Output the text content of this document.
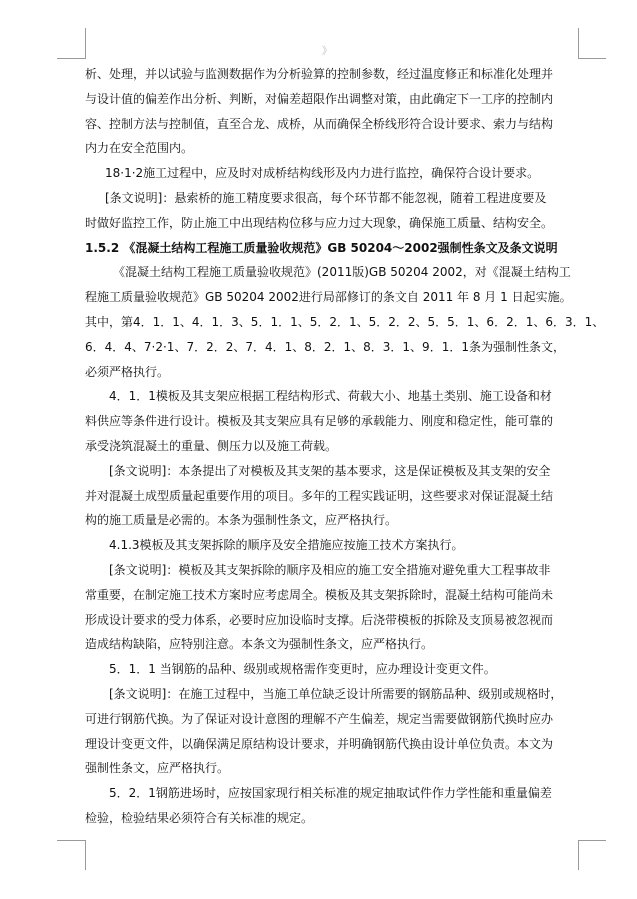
》
析、处理，并以试验与监测数据作为分析验算的控制参数，经过温度修正和标准化处理并
与设计值的偏差作出分析、判断，对偏差超限作出调整对策，由此确定下一工序的控制内
容、控制方法与控制值，直至合龙、成桥，从而确保全桥线形符合设计要求、索力与结构
内力在安全范围内。
18·1·2施工过程中，应及时对成桥结构线形及内力进行监控，确保符合设计要求。
[条文说明]：悬索桥的施工精度要求很高，每个环节都不能忽视，随着工程进度要及
时做好监控工作，防止施工中出现结构位移与应力过大现象，确保施工质量、结构安全。
1.5.2 《混凝土结构工程施工质量验收规范》GB 50204～2002强制性条文及条文说明
《混凝土结构工程施工质量验收规范》(2011版)GB 50204 2002，对《混凝土结构工
程施工质量验收规范》GB 50204 2002进行局部修订的条文自 2011 年 8 月 1 日起实施。
其中，第4．1．1、4．1．3、5．1．1、5．2．1、5．2．2、5．5．1、6．2．1、6．3．1、
6．4．4、7·2·1、7．2．2、7．4．1、8．2．1、8．3．1、9．1．1条为强制性条文，
必须严格执行。
4．1．1模板及其支架应根据工程结构形式、荷载大小、地基土类别、施工设备和材
料供应等条件进行设计。模板及其支架应具有足够的承载能力、刚度和稳定性，能可靠的
承受浇筑混凝土的重量、侧压力以及施工荷载。
[条文说明]：本条提出了对模板及其支架的基本要求，这是保证模板及其支架的安全
并对混凝土成型质量起重要作用的项目。多年的工程实践证明，这些要求对保证混凝土结
构的施工质量是必需的。本条为强制性条文，应严格执行。
4.1.3模板及其支架拆除的顺序及安全措施应按施工技术方案执行。
[条文说明]：模板及其支架拆除的顺序及相应的施工安全措施对避免重大工程事故非
常重要，在制定施工技术方案时应考虑周全。模板及其支架拆除时，混凝土结构可能尚未
形成设计要求的受力体系，必要时应加设临时支撑。后浇带模板的拆除及支顶易被忽视而
造成结构缺陷，应特别注意。本条文为强制性条文，应严格执行。
5．1．1 当钢筋的品种、级别或规格需作变更时，应办理设计变更文件。
[条文说明]：在施工过程中，当施工单位缺乏设计所需要的钢筋品种、级别或规格时，
可进行钢筋代换。为了保证对设计意图的理解不产生偏差，规定当需要做钢筋代换时应办
理设计变更文件，以确保满足原结构设计要求，并明确钢筋代换由设计单位负责。本文为
强制性条文，应严格执行。
5．2．1钢筋进场时，应按国家现行相关标准的规定抽取试件作力学性能和重量偏差
检验，检验结果必须符合有关标准的规定。
